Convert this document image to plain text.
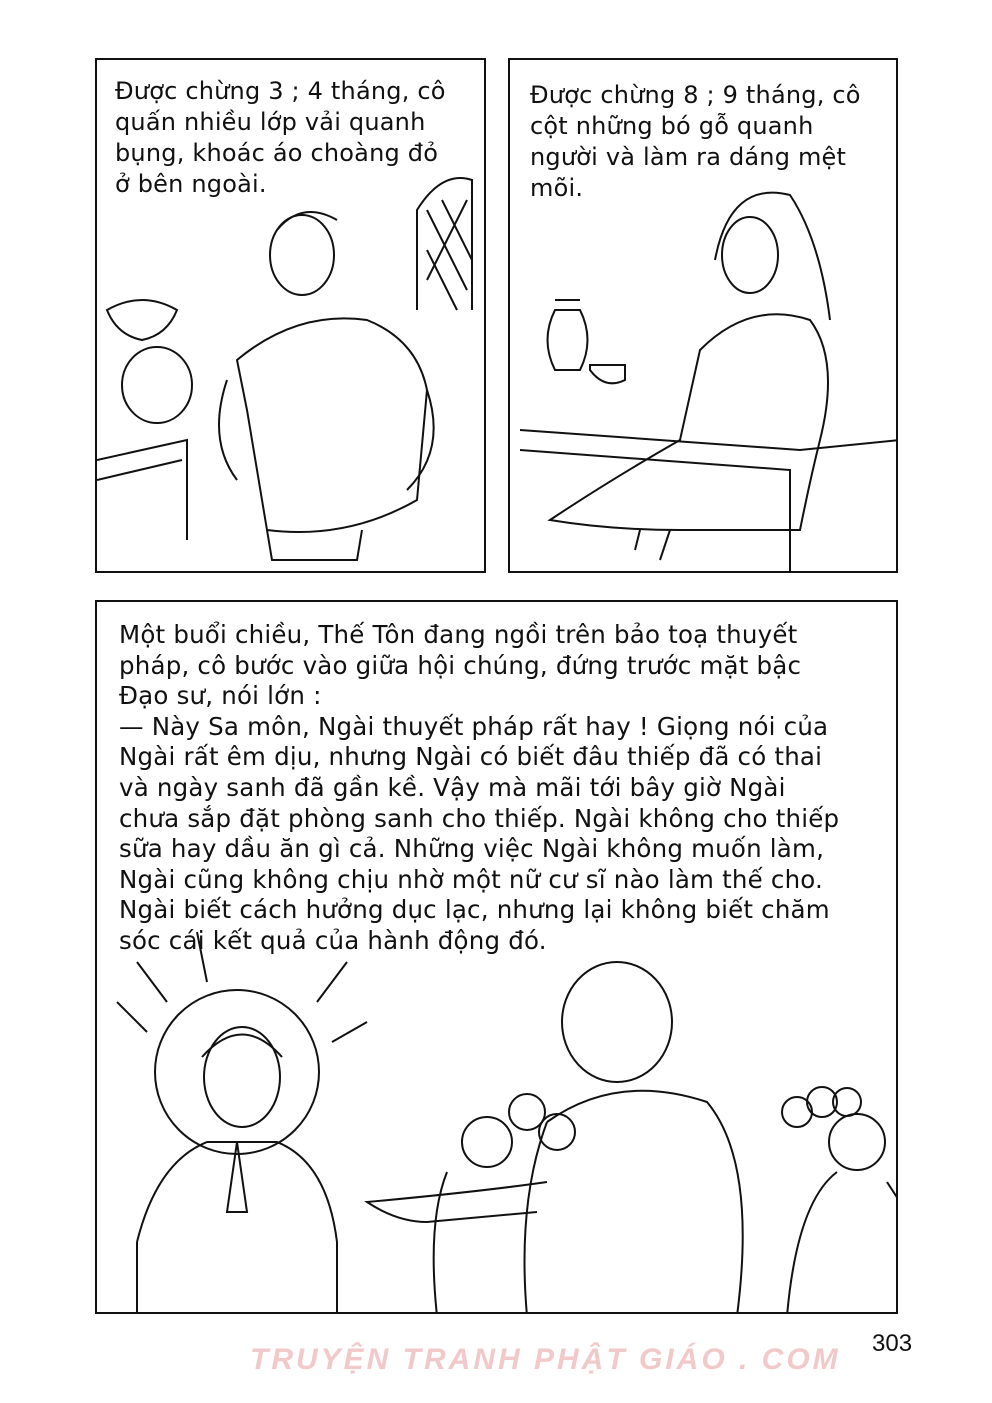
Được chừng 3 ; 4 tháng, cô
quấn nhiều lớp vải quanh
bụng, khoác áo choàng đỏ
ở bên ngoài.
Được chừng 8 ; 9 tháng, cô
cột những bó gỗ quanh
người và làm ra dáng mệt
mõi.
Một buổi chiều, Thế Tôn đang ngồi trên bảo toạ thuyết
pháp, cô bước vào giữa hội chúng, đứng trước mặt bậc
Đạo sư, nói lớn :
— Này Sa môn, Ngài thuyết pháp rất hay ! Giọng nói của
Ngài rất êm dịu, nhưng Ngài có biết đâu thiếp đã có thai
và ngày sanh đã gần kề. Vậy mà mãi tới bây giờ Ngài
chưa sắp đặt phòng sanh cho thiếp. Ngài không cho thiếp
sữa hay dầu ăn gì cả. Những việc Ngài không muốn làm,
Ngài cũng không chịu nhờ một nữ cư sĩ nào làm thế cho.
Ngài biết cách hưởng dục lạc, nhưng lại không biết chăm
sóc cái kết quả của hành động đó.
TRUYỆN TRANH PHẬT GIÁO . COM 303
